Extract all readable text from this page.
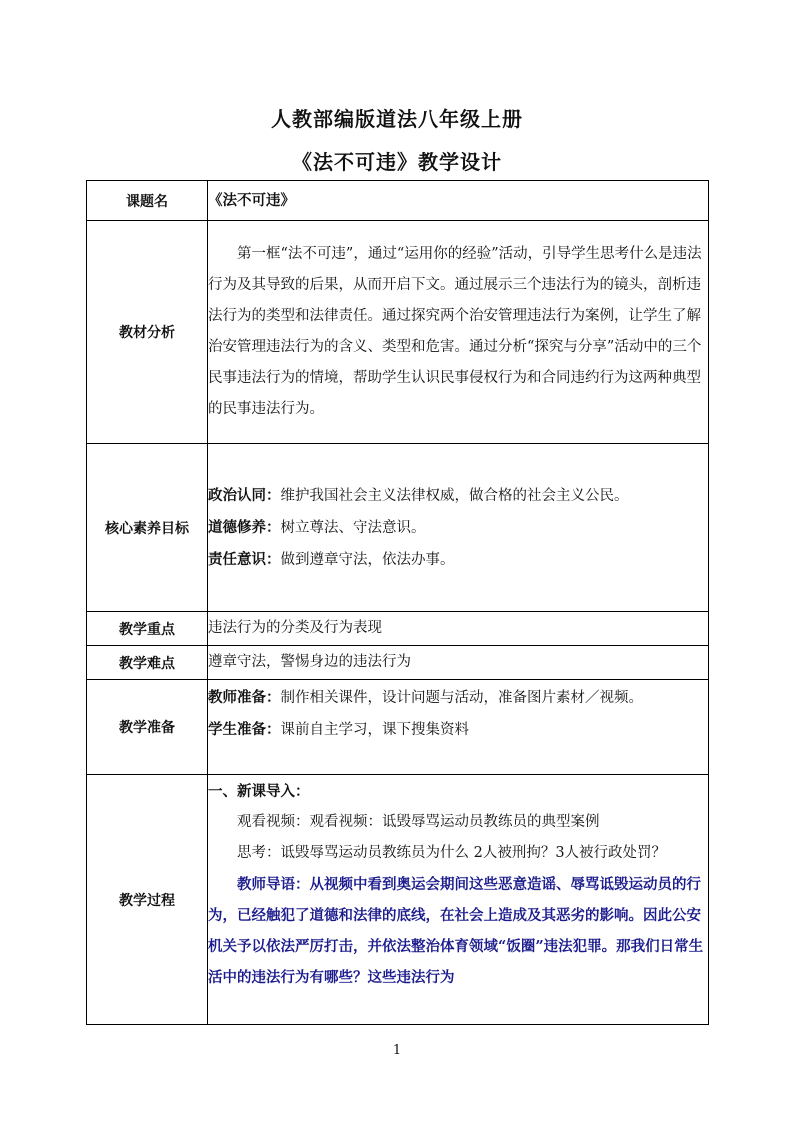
人教部编版道法八年级上册
《法不可违》教学设计
课题名	《法不可违》
教材分析	第一框“法不可违”，通过“运用你的经验”活动，引导学生思考什么是违法行为及其导致的后果，从而开启下文。通过展示三个违法行为的镜头，剖析违法行为的类型和法律责任。通过探究两个治安管理违法行为案例，让学生了解治安管理违法行为的含义、类型和危害。通过分析“探究与分享”活动中的三个民事违法行为的情境，帮助学生认识民事侵权行为和合同违约行为这两种典型的民事违法行为。

核心素养目标	政治认同：维护我国社会主义法律权威，做合格的社会主义公民。
道德修养：树立尊法、守法意识。
责任意识：做到遵章守法，依法办事。

教学重点	违法行为的分类及行为表现
教学难点	遵章守法，警惕身边的违法行为
教学准备	教师准备：制作相关课件，设计问题与活动，准备图片素材／视频。
学生准备：课前自主学习，课下搜集资料

教学过程	一、新课导入：
观看视频：观看视频：诋毁辱骂运动员教练员的典型案例
思考：诋毁辱骂运动员教练员为什么 2人被刑拘？3人被行政处罚？
教师导语：从视频中看到奥运会期间这些恶意造谣、辱骂诋毁运动员的行为，已经触犯了道德和法律的底线，在社会上造成及其恶劣的影响。因此公安机关予以依法严厉打击，并依法整治体育领域“饭圈”违法犯罪。那我们日常生活中的违法行为有哪些？这些违法行为
1
